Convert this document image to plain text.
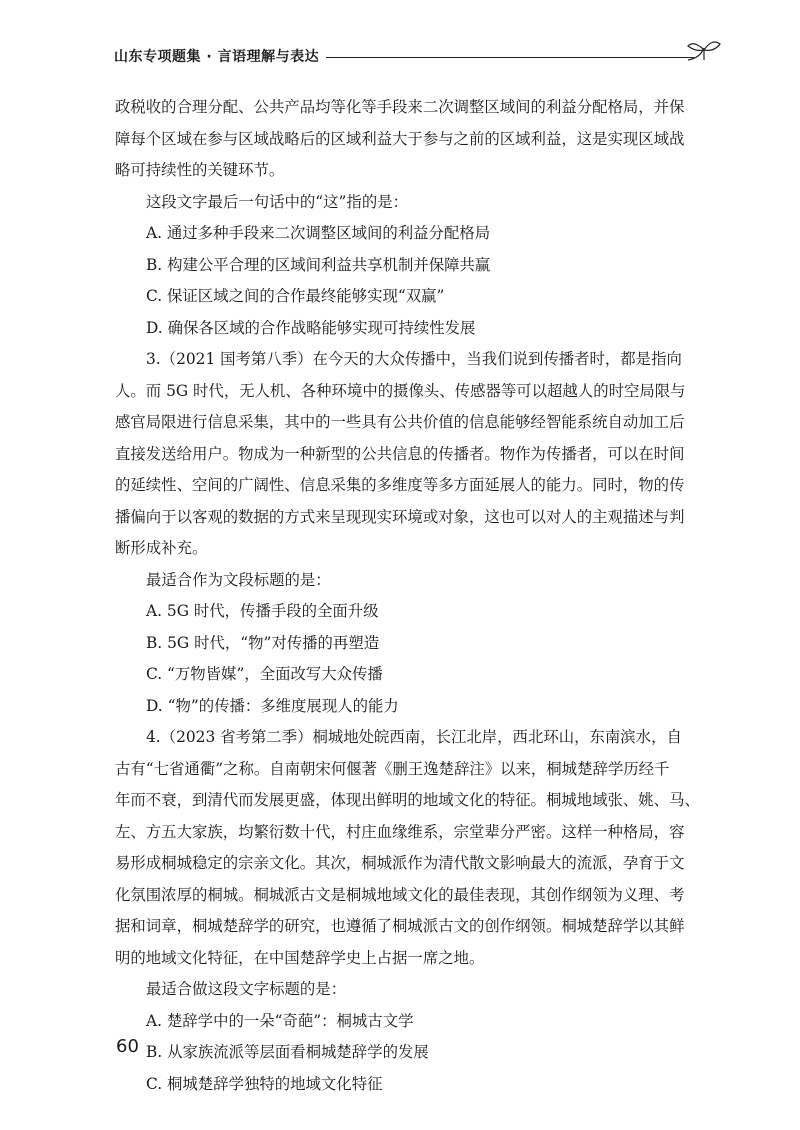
山东专项题集 · 言语理解与表达

政税收的合理分配、公共产品均等化等手段来二次调整区域间的利益分配格局，并保

障每个区域在参与区域战略后的区域利益大于参与之前的区域利益，这是实现区域战

略可持续性的关键环节。

这段文字最后一句话中的“这”指的是：

A. 通过多种手段来二次调整区域间的利益分配格局

B. 构建公平合理的区域间利益共享机制并保障共赢

C. 保证区域之间的合作最终能够实现“双赢”

D. 确保各区域的合作战略能够实现可持续性发展

3.（2021 国考第八季）在今天的大众传播中，当我们说到传播者时，都是指向

人。而 5G 时代，无人机、各种环境中的摄像头、传感器等可以超越人的时空局限与

感官局限进行信息采集，其中的一些具有公共价值的信息能够经智能系统自动加工后

直接发送给用户。物成为一种新型的公共信息的传播者。物作为传播者，可以在时间

的延续性、空间的广阔性、信息采集的多维度等多方面延展人的能力。同时，物的传

播偏向于以客观的数据的方式来呈现现实环境或对象，这也可以对人的主观描述与判

断形成补充。

最适合作为文段标题的是：

A. 5G 时代，传播手段的全面升级

B. 5G 时代，“物”对传播的再塑造

C. “万物皆媒”，全面改写大众传播

D. “物”的传播：多维度展现人的能力

4.（2023 省考第二季）桐城地处皖西南，长江北岸，西北环山，东南滨水，自

古有“七省通衢”之称。自南朝宋何偃著《删王逸楚辞注》以来，桐城楚辞学历经千

年而不衰，到清代而发展更盛，体现出鲜明的地域文化的特征。桐城地域张、姚、马、

左、方五大家族，均繁衍数十代，村庄血缘维系，宗堂辈分严密。这样一种格局，容

易形成桐城稳定的宗亲文化。其次，桐城派作为清代散文影响最大的流派，孕育于文

化氛围浓厚的桐城。桐城派古文是桐城地域文化的最佳表现，其创作纲领为义理、考

据和词章，桐城楚辞学的研究，也遵循了桐城派古文的创作纲领。桐城楚辞学以其鲜

明的地域文化特征，在中国楚辞学史上占据一席之地。

最适合做这段文字标题的是：

A. 楚辞学中的一朵“奇葩”：桐城古文学

B. 从家族流派等层面看桐城楚辞学的发展

C. 桐城楚辞学独特的地域文化特征

60
